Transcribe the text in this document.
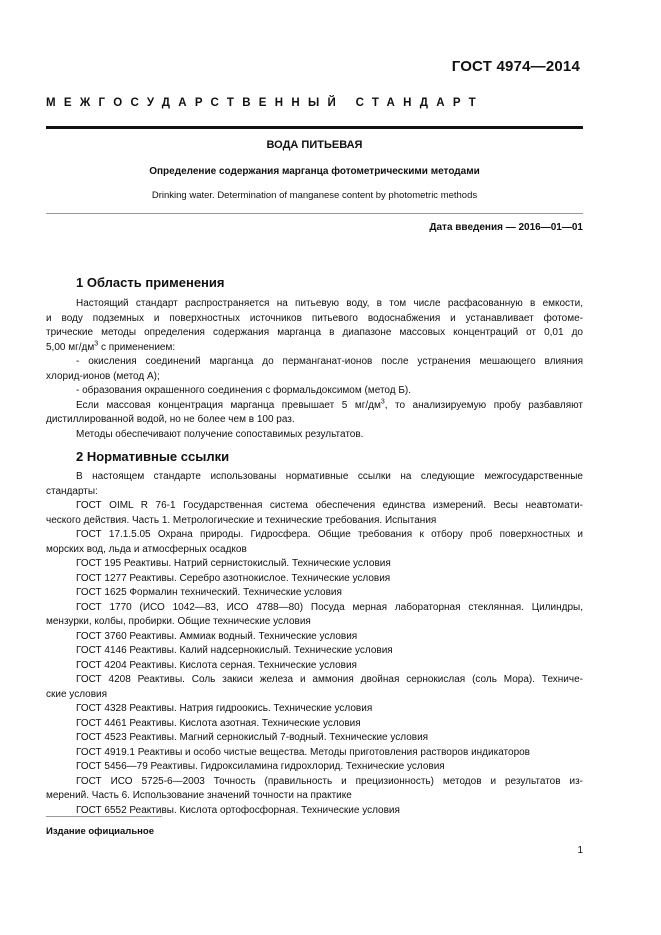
ГОСТ 4974—2014
МЕЖГОСУДАРСТВЕННЫЙ СТАНДАРТ
ВОДА ПИТЬЕВАЯ
Определение содержания марганца фотометрическими методами
Drinking water. Determination of manganese content by photometric methods
Дата введения — 2016—01—01
1 Область применения

Настоящий стандарт распространяется на питьевую воду, в том числе расфасованную в емкости,

и воду подземных и поверхностных источников питьевого водоснабжения и устанавливает фотоме-

трические методы определения содержания марганца в диапазоне массовых концентраций от 0,01 до

5,00 $мг/дм^3$ с применением:

- окисления соединений марганца до перманганат-ионов после устранения мешающего влияния

хлорид-ионов (метод А);

- образования окрашенного соединения с формальдоксимом (метод Б).

Если массовая концентрация марганца превышает 5 $мг/дм^3$, то анализируемую пробу разбавляют

дистиллированной водой, но не более чем в 100 раз.

Методы обеспечивают получение сопоставимых результатов.

2 Нормативные ссылки

В настоящем стандарте использованы нормативные ссылки на следующие межгосударственные

стандарты:

ГОСТ OIML R 76-1 Государственная система обеспечения единства измерений. Весы неавтомати-

ческого действия. Часть 1. Метрологические и технические требования. Испытания

ГОСТ 17.1.5.05 Охрана природы. Гидросфера. Общие требования к отбору проб поверхностных и

морских вод, льда и атмосферных осадков

ГОСТ 195 Реактивы. Натрий сернистокислый. Технические условия

ГОСТ 1277 Реактивы. Серебро азотнокислое. Технические условия

ГОСТ 1625 Формалин технический. Технические условия

ГОСТ 1770 (ИСО 1042—83, ИСО 4788—80) Посуда мерная лабораторная стеклянная. Цилиндры,

мензурки, колбы, пробирки. Общие технические условия

ГОСТ 3760 Реактивы. Аммиак водный. Технические условия

ГОСТ 4146 Реактивы. Калий надсернокислый. Технические условия

ГОСТ 4204 Реактивы. Кислота серная. Технические условия

ГОСТ 4208 Реактивы. Соль закиси железа и аммония двойная сернокислая (соль Мора). Техниче-

ские условия

ГОСТ 4328 Реактивы. Натрия гидроокись. Технические условия

ГОСТ 4461 Реактивы. Кислота азотная. Технические условия

ГОСТ 4523 Реактивы. Магний сернокислый 7-водный. Технические условия

ГОСТ 4919.1 Реактивы и особо чистые вещества. Методы приготовления растворов индикаторов

ГОСТ 5456—79 Реактивы. Гидроксиламина гидрохлорид. Технические условия

ГОСТ ИСО 5725-6—2003 Точность (правильность и прецизионность) методов и результатов из-

мерений. Часть 6. Использование значений точности на практике

ГОСТ 6552 Реактивы. Кислота ортофосфорная. Технические условия

Издание официальное
1
